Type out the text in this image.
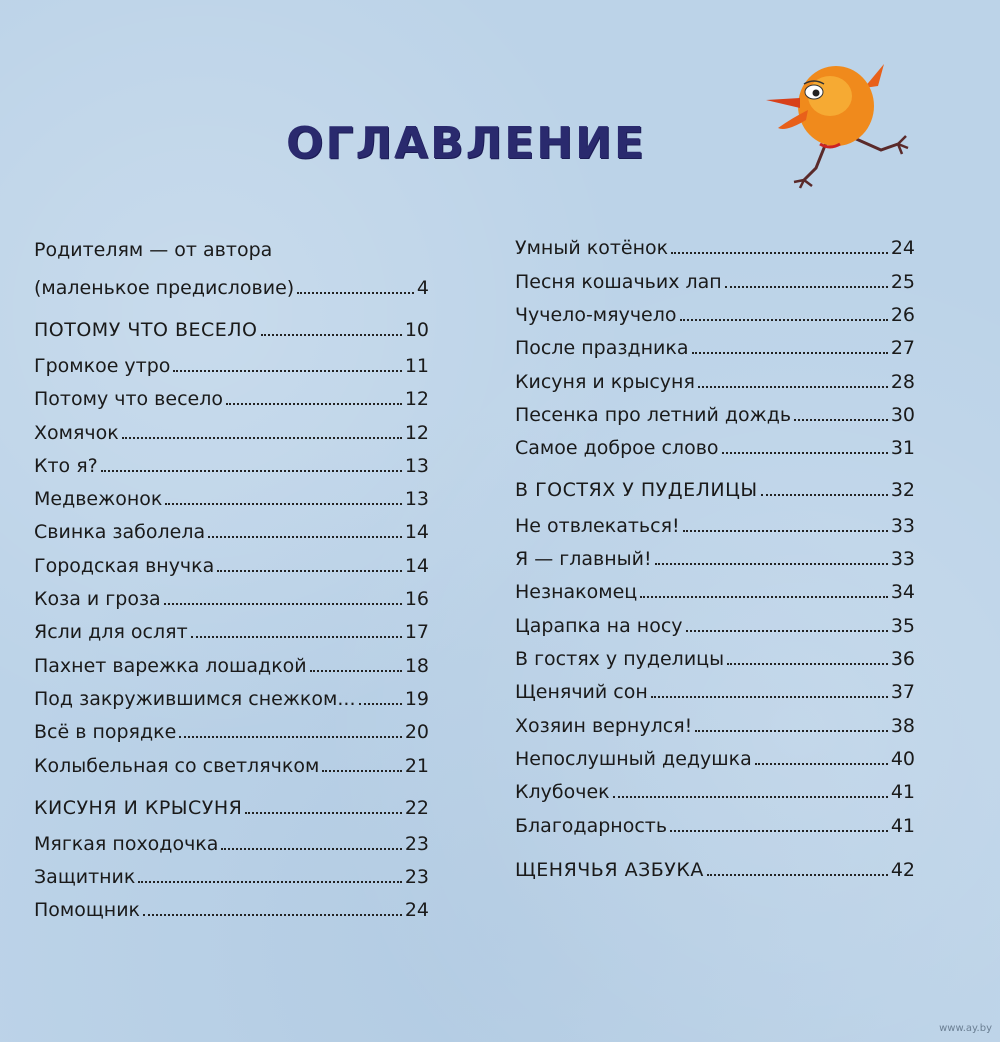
ОГЛАВЛЕНИЕ
Родителям — от автора
(маленькое предисловие)	4
ПОТОМУ ЧТО ВЕСЕЛО	10
Громкое утро	11
Потому что весело	12
Хомячок	12
Кто я?	13
Медвежонок	13
Свинка заболела	14
Городская внучка	14
Коза и гроза	16
Ясли для ослят	17
Пахнет варежка лошадкой	18
Под закружившимся снежком...	19
Всё в порядке	20
Колыбельная со светлячком	21
КИСУНЯ И КРЫСУНЯ	22
Мягкая походочка	23
Защитник	23
Помощник	24
Умный котёнок	24
Песня кошачьих лап	25
Чучело-мяучело	26
После праздника	27
Кисуня и крысуня	28
Песенка про летний дождь	30
Самое доброе слово	31
В ГОСТЯХ У ПУДЕЛИЦЫ	32
Не отвлекаться!	33
Я — главный!	33
Незнакомец	34
Царапка на носу	35
В гостях у пуделицы	36
Щенячий сон	37
Хозяин вернулся!	38
Непослушный дедушка	40
Клубочек	41
Благодарность	41
ЩЕНЯЧЬЯ АЗБУКА	42
www.ay.by
